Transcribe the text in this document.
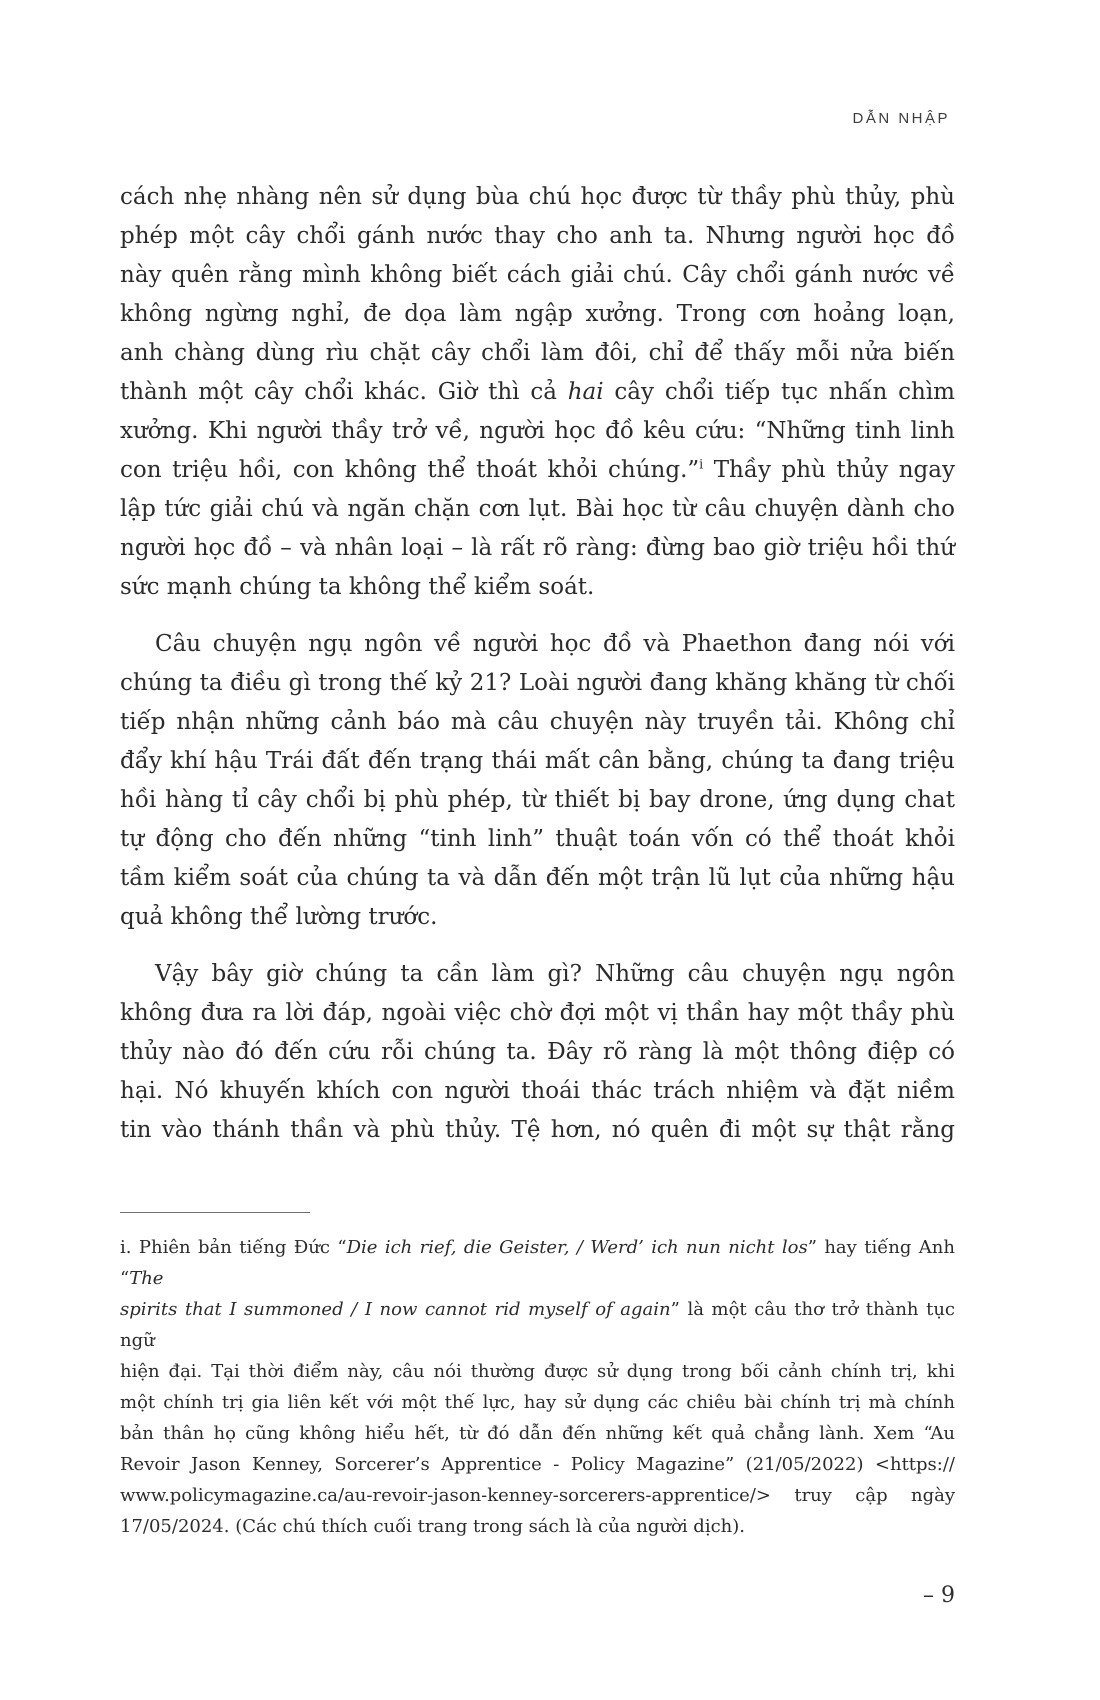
DẪN NHẬP
cách nhẹ nhàng nên sử dụng bùa chú học được từ thầy phù thủy, phù
phép một cây chổi gánh nước thay cho anh ta. Nhưng người học đồ
này quên rằng mình không biết cách giải chú. Cây chổi gánh nước về
không ngừng nghỉ, đe dọa làm ngập xưởng. Trong cơn hoảng loạn,
anh chàng dùng rìu chặt cây chổi làm đôi, chỉ để thấy mỗi nửa biến
thành một cây chổi khác. Giờ thì cả hai cây chổi tiếp tục nhấn chìm
xưởng. Khi người thầy trở về, người học đồ kêu cứu: “Những tinh linh
con triệu hồi, con không thể thoát khỏi chúng.”$^i$ Thầy phù thủy ngay
lập tức giải chú và ngăn chặn cơn lụt. Bài học từ câu chuyện dành cho
người học đồ – và nhân loại – là rất rõ ràng: đừng bao giờ triệu hồi thứ
sức mạnh chúng ta không thể kiểm soát.
Câu chuyện ngụ ngôn về người học đồ và Phaethon đang nói với
chúng ta điều gì trong thế kỷ 21? Loài người đang khăng khăng từ chối
tiếp nhận những cảnh báo mà câu chuyện này truyền tải. Không chỉ
đẩy khí hậu Trái đất đến trạng thái mất cân bằng, chúng ta đang triệu
hồi hàng tỉ cây chổi bị phù phép, từ thiết bị bay drone, ứng dụng chat
tự động cho đến những “tinh linh” thuật toán vốn có thể thoát khỏi
tầm kiểm soát của chúng ta và dẫn đến một trận lũ lụt của những hậu
quả không thể lường trước.
Vậy bây giờ chúng ta cần làm gì? Những câu chuyện ngụ ngôn
không đưa ra lời đáp, ngoài việc chờ đợi một vị thần hay một thầy phù
thủy nào đó đến cứu rỗi chúng ta. Đây rõ ràng là một thông điệp có
hại. Nó khuyến khích con người thoái thác trách nhiệm và đặt niềm
tin vào thánh thần và phù thủy. Tệ hơn, nó quên đi một sự thật rằng
i. Phiên bản tiếng Đức “Die ich rief, die Geister, / Werd’ ich nun nicht los” hay tiếng Anh “The
spirits that I summoned / I now cannot rid myself of again” là một câu thơ trở thành tục ngữ
hiện đại. Tại thời điểm này, câu nói thường được sử dụng trong bối cảnh chính trị, khi
một chính trị gia liên kết với một thế lực, hay sử dụng các chiêu bài chính trị mà chính
bản thân họ cũng không hiểu hết, từ đó dẫn đến những kết quả chẳng lành. Xem “Au
Revoir Jason Kenney, Sorcerer’s Apprentice - Policy Magazine” (21/05/2022) <https://
www.policymagazine.ca/au-revoir-jason-kenney-sorcerers-apprentice/> truy cập ngày
17/05/2024. (Các chú thích cuối trang trong sách là của người dịch).
– 9
